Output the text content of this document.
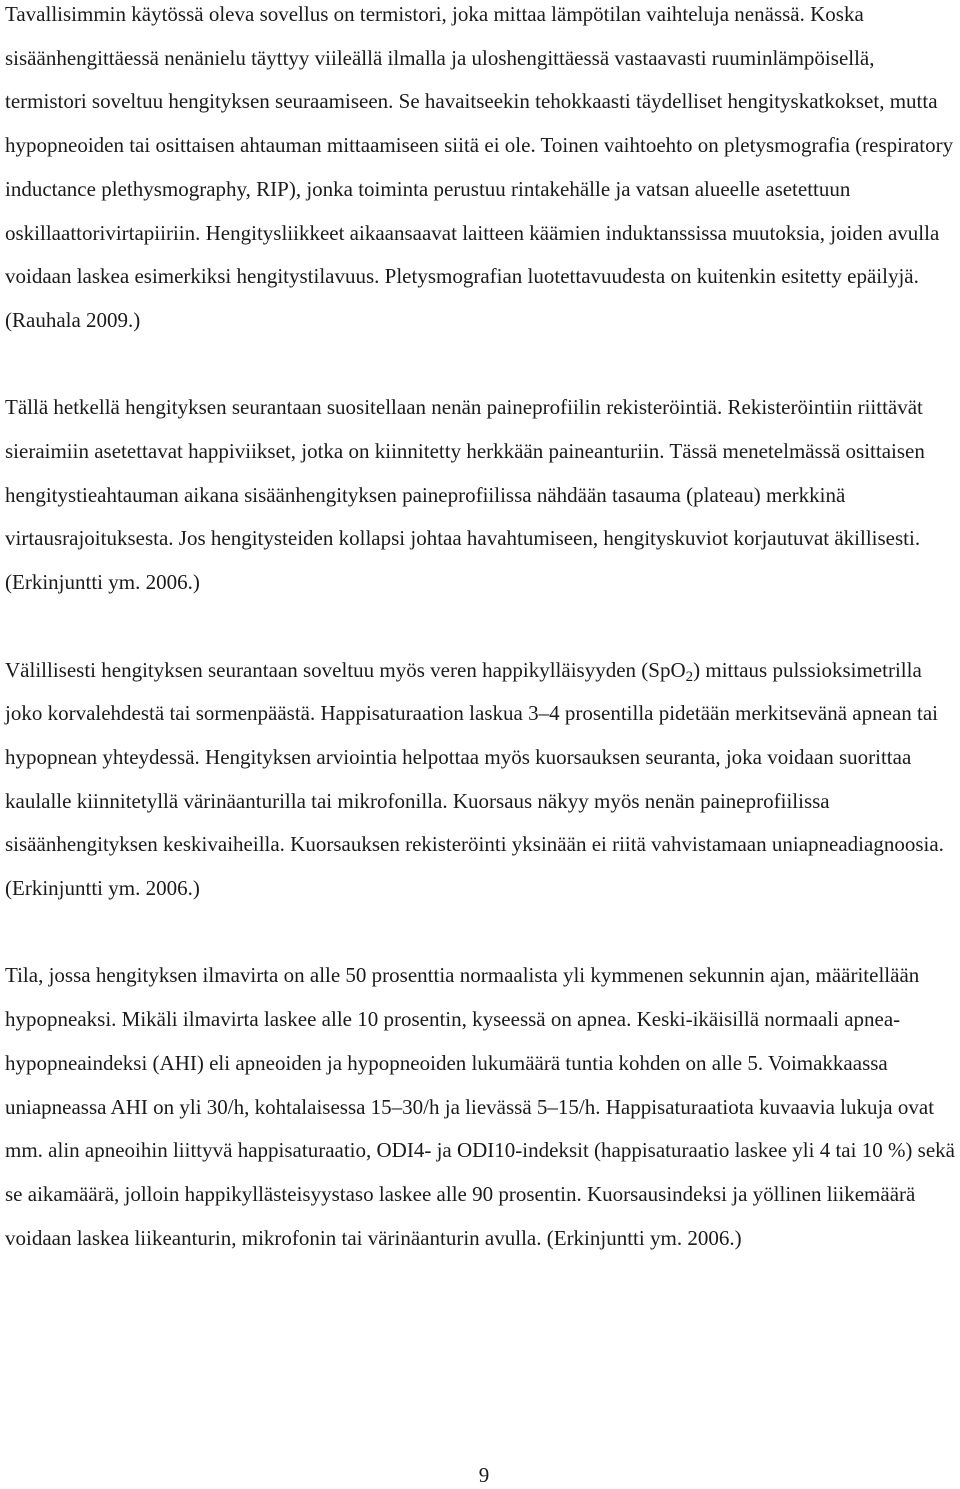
Tavallisimmin käytössä oleva sovellus on termistori, joka mittaa lämpötilan vaihteluja nenässä. Koska sisäänhengittäessä nenänielu täyttyy viileällä ilmalla ja uloshengittäessä vastaavasti ruuminlämpöisellä, termistori soveltuu hengityksen seuraamiseen. Se havaitseekin tehokkaasti täydelliset hengityskatkokset, mutta hypopneoiden tai osittaisen ahtauman mittaamiseen siitä ei ole. Toinen vaihtoehto on pletysmografia (respiratory inductance plethysmography, RIP), jonka toiminta perustuu rintakehälle ja vatsan alueelle asetettuun oskillaattorivirtapiiriin. Hengitysliikkeet aikaansaavat laitteen käämien induktanssissa muutoksia, joiden avulla voidaan laskea esimerkiksi hengitystilavuus. Pletysmografian luotettavuudesta on kuitenkin esitetty epäilyjä. (Rauhala 2009.)

Tällä hetkellä hengityksen seurantaan suositellaan nenän paineprofiilin rekisteröintiä. Rekisteröintiin riittävät sieraimiin asetettavat happiviikset, jotka on kiinnitetty herkkään paineanturiin. Tässä menetelmässä osittaisen hengitystieahtauman aikana sisäänhengityksen paineprofiilissa nähdään tasauma (plateau) merkkinä virtausrajoituksesta. Jos hengitysteiden kollapsi johtaa havahtumiseen, hengityskuviot korjautuvat äkillisesti. (Erkinjuntti ym. 2006.)

Välillisesti hengityksen seurantaan soveltuu myös veren happikylläisyyden (SpO$_2$) mittaus pulssioksimetrilla joko korvalehdestä tai sormenpäästä. Happisaturaation laskua 3–4 prosentilla pidetään merkitsevänä apnean tai hypopnean yhteydessä. Hengityksen arviointia helpottaa myös kuorsauksen seuranta, joka voidaan suorittaa kaulalle kiinnitetyllä värinäanturilla tai mikrofonilla. Kuorsaus näkyy myös nenän paineprofiilissa sisäänhengityksen keskivaiheilla. Kuorsauksen rekisteröinti yksinään ei riitä vahvistamaan uniapneadiagnoosia. (Erkinjuntti ym. 2006.)

Tila, jossa hengityksen ilmavirta on alle 50 prosenttia normaalista yli kymmenen sekunnin ajan, määritellään hypopneaksi. Mikäli ilmavirta laskee alle 10 prosentin, kyseessä on apnea. Keski-ikäisillä normaali apnea-hypopneaindeksi (AHI) eli apneoiden ja hypopneoiden lukumäärä tuntia kohden on alle 5. Voimakkaassa uniapneassa AHI on yli 30/h, kohtalaisessa 15–30/h ja lievässä 5–15/h. Happisaturaatiota kuvaavia lukuja ovat mm. alin apneoihin liittyvä happisaturaatio, ODI4- ja ODI10-indeksit (happisaturaatio laskee yli 4 tai 10 %) sekä se aikamäärä, jolloin happikyllästeisyystaso laskee alle 90 prosentin. Kuorsausindeksi ja yöllinen liikemäärä voidaan laskea liikeanturin, mikrofonin tai värinäanturin avulla. (Erkinjuntti ym. 2006.)

9
